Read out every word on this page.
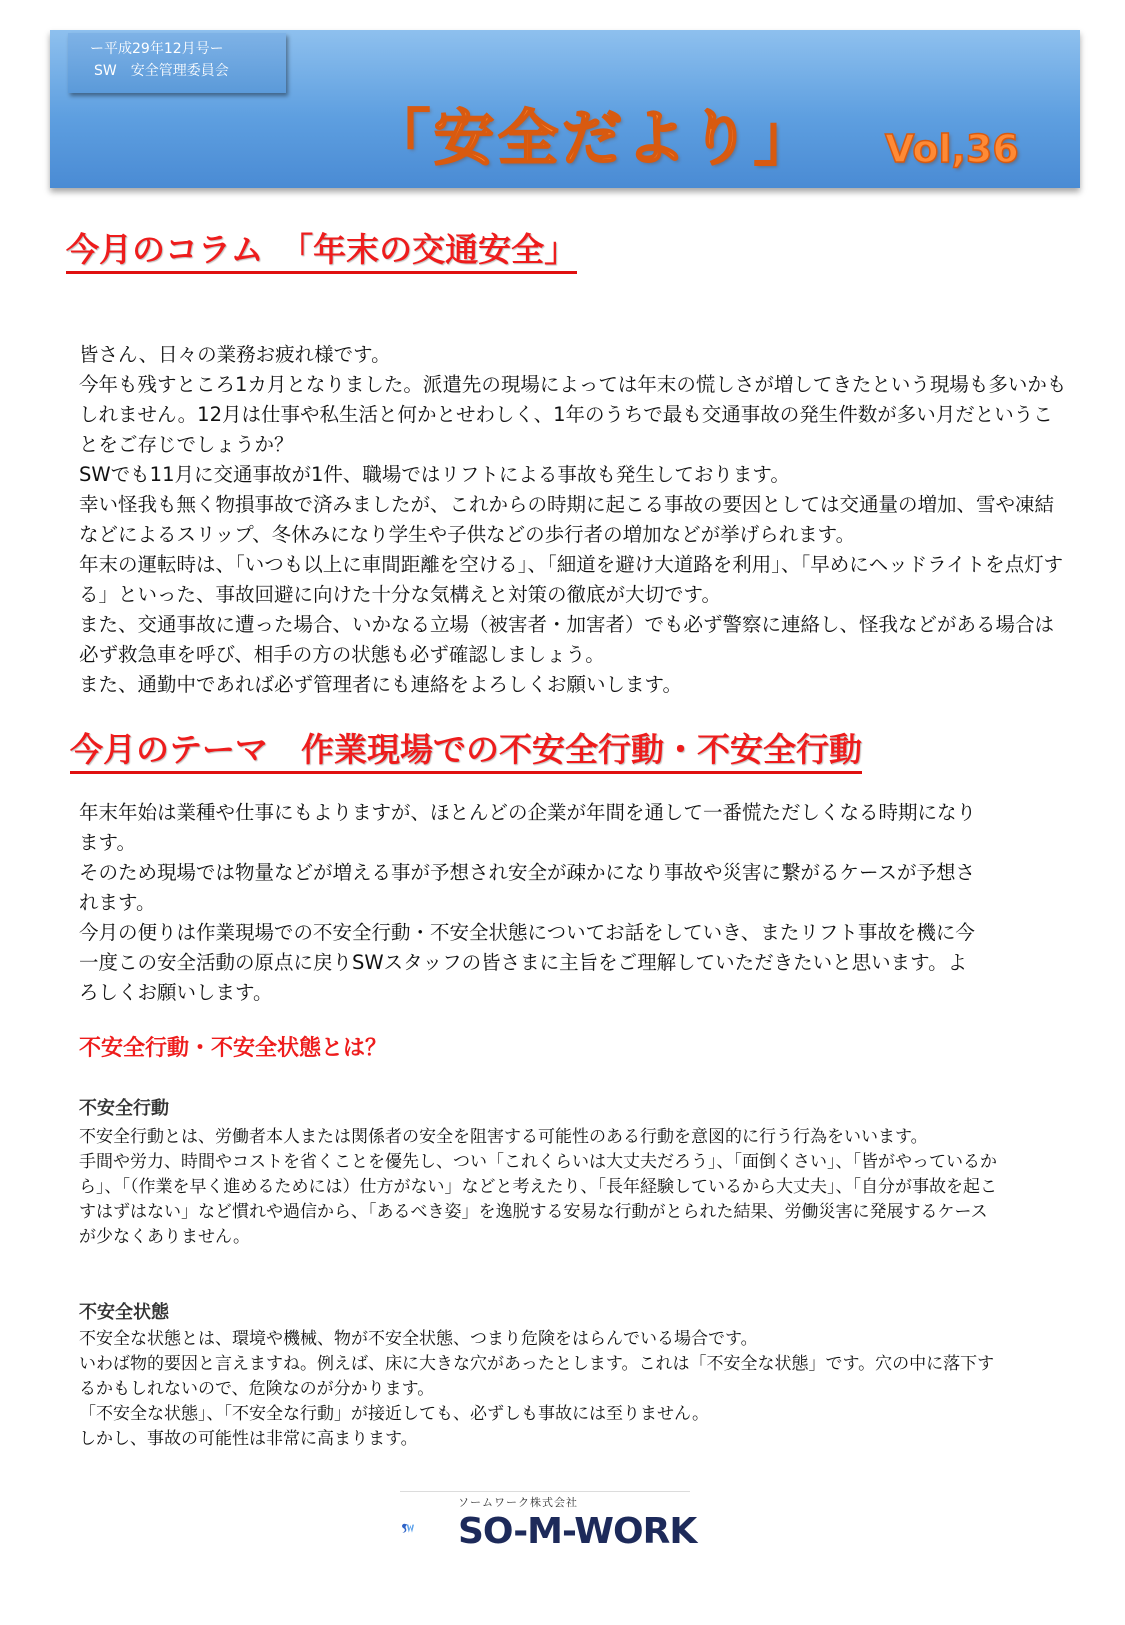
ー平成29年12月号ー
SW　安全管理委員会
「安全だより」 Vol,36
今月のコラム　「年末の交通安全」

皆さん、日々の業務お疲れ様です。

今年も残すところ1カ月となりました。派遣先の現場によっては年末の慌しさが増してきたという現場も多いかもしれません。12月は仕事や私生活と何かとせわしく、1年のうちで最も交通事故の発生件数が多い月だということをご存じでしょうか？

SWでも11月に交通事故が1件、職場ではリフトによる事故も発生しております。

幸い怪我も無く物損事故で済みましたが、これからの時期に起こる事故の要因としては交通量の増加、雪や凍結などによるスリップ、冬休みになり学生や子供などの歩行者の増加などが挙げられます。

年末の運転時は、「いつも以上に車間距離を空ける」、「細道を避け大道路を利用」、「早めにヘッドライトを点灯する」といった、事故回避に向けた十分な気構えと対策の徹底が大切です。

また、交通事故に遭った場合、いかなる立場（被害者・加害者）でも必ず警察に連絡し、怪我などがある場合は必ず救急車を呼び、相手の方の状態も必ず確認しましょう。

また、通勤中であれば必ず管理者にも連絡をよろしくお願いします。

今月のテーマ　作業現場での不安全行動・不安全行動

年末年始は業種や仕事にもよりますが、ほとんどの企業が年間を通して一番慌ただしくなる時期になります。

そのため現場では物量などが増える事が予想され安全が疎かになり事故や災害に繋がるケースが予想されます。

今月の便りは作業現場での不安全行動・不安全状態についてお話をしていき、またリフト事故を機に今一度この安全活動の原点に戻りSWスタッフの皆さまに主旨をご理解していただきたいと思います。よろしくお願いします。

不安全行動・不安全状態とは？
不安全行動

不安全行動とは、労働者本人または関係者の安全を阻害する可能性のある行動を意図的に行う行為をいいます。

手間や労力、時間やコストを省くことを優先し、つい「これくらいは大丈夫だろう」、「面倒くさい」、「皆がやっているから」、「（作業を早く進めるためには）仕方がない」などと考えたり、「長年経験しているから大丈夫」、「自分が事故を起こすはずはない」など慣れや過信から、「あるべき姿」を逸脱する安易な行動がとられた結果、労働災害に発展するケースが少なくありません。

不安全状態

不安全な状態とは、環境や機械、物が不安全状態、つまり危険をはらんでいる場合です。

いわば物的要因と言えますね。例えば、床に大きな穴があったとします。これは「不安全な状態」です。穴の中に落下するかもしれないので、危険なのが分かります。

「不安全な状態」、「不安全な行動」が接近しても、必ずしも事故には至りません。

しかし、事故の可能性は非常に高まります。

ソームワーク株式会社
SO-M-WORK
